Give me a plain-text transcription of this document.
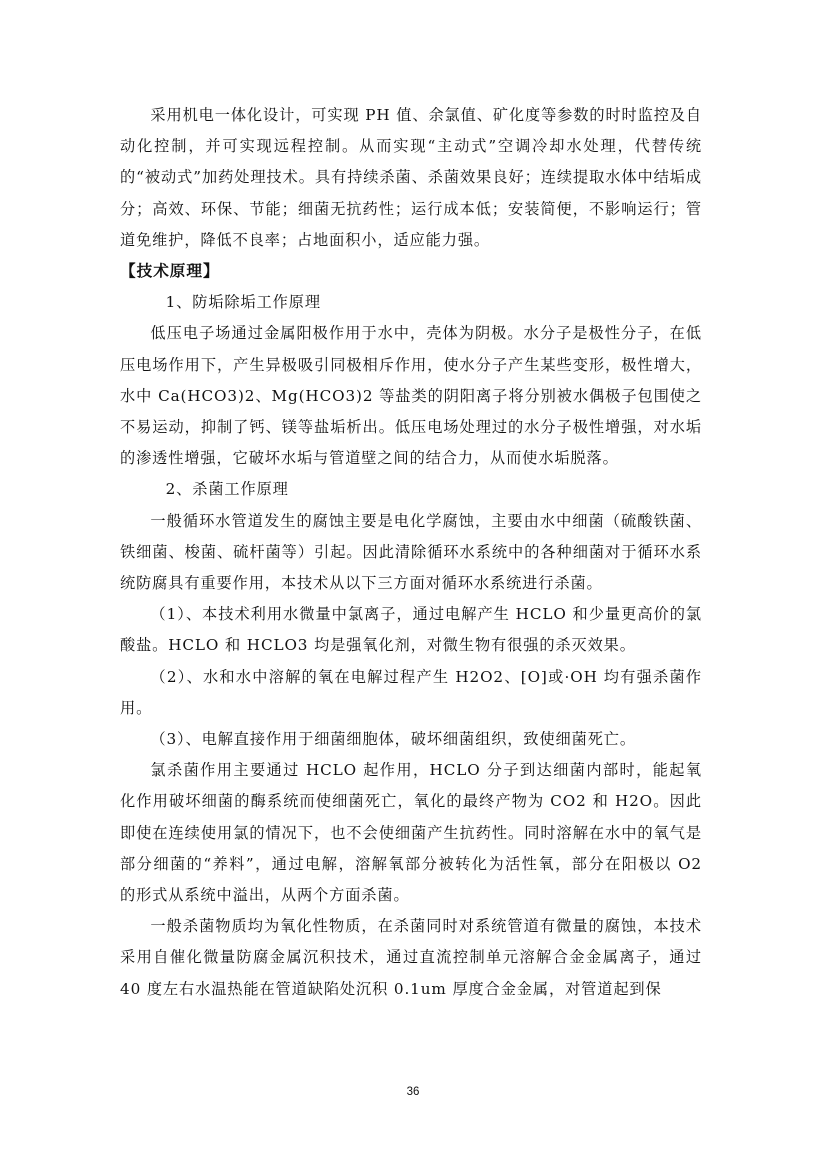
采用机电一体化设计，可实现 PH 值、余氯值、矿化度等参数的时时监控及自动化控制，并可实现远程控制。从而实现“主动式”空调冷却水处理，代替传统的“被动式”加药处理技术。具有持续杀菌、杀菌效果良好；连续提取水体中结垢成分；高效、环保、节能；细菌无抗药性；运行成本低；安装简便，不影响运行；管道免维护，降低不良率；占地面积小，适应能力强。

【技术原理】

1、防垢除垢工作原理

低压电子场通过金属阳极作用于水中，壳体为阴极。水分子是极性分子，在低压电场作用下，产生异极吸引同极相斥作用，使水分子产生某些变形，极性增大，水中 Ca(HCO3)2、Mg(HCO3)2 等盐类的阴阳离子将分别被水偶极子包围使之不易运动，抑制了钙、镁等盐垢析出。低压电场处理过的水分子极性增强，对水垢的渗透性增强，它破坏水垢与管道壁之间的结合力，从而使水垢脱落。

2、杀菌工作原理

一般循环水管道发生的腐蚀主要是电化学腐蚀，主要由水中细菌（硫酸铁菌、铁细菌、梭菌、硫杆菌等）引起。因此清除循环水系统中的各种细菌对于循环水系统防腐具有重要作用，本技术从以下三方面对循环水系统进行杀菌。

（1）、本技术利用水微量中氯离子，通过电解产生 HCLO 和少量更高价的氯酸盐。HCLO 和 HCLO3 均是强氧化剂，对微生物有很强的杀灭效果。

（2）、水和水中溶解的氧在电解过程产生 H2O2、[O]或·OH 均有强杀菌作用。

（3）、电解直接作用于细菌细胞体，破坏细菌组织，致使细菌死亡。

氯杀菌作用主要通过 HCLO 起作用，HCLO 分子到达细菌内部时，能起氧化作用破坏细菌的酶系统而使细菌死亡，氧化的最终产物为 CO2 和 H2O。因此即使在连续使用氯的情况下，也不会使细菌产生抗药性。同时溶解在水中的氧气是部分细菌的“养料”，通过电解，溶解氧部分被转化为活性氧，部分在阳极以 O2 的形式从系统中溢出，从两个方面杀菌。

一般杀菌物质均为氧化性物质，在杀菌同时对系统管道有微量的腐蚀，本技术采用自催化微量防腐金属沉积技术，通过直流控制单元溶解合金金属离子，通过 40 度左右水温热能在管道缺陷处沉积 0.1um 厚度合金金属，对管道起到保

36
